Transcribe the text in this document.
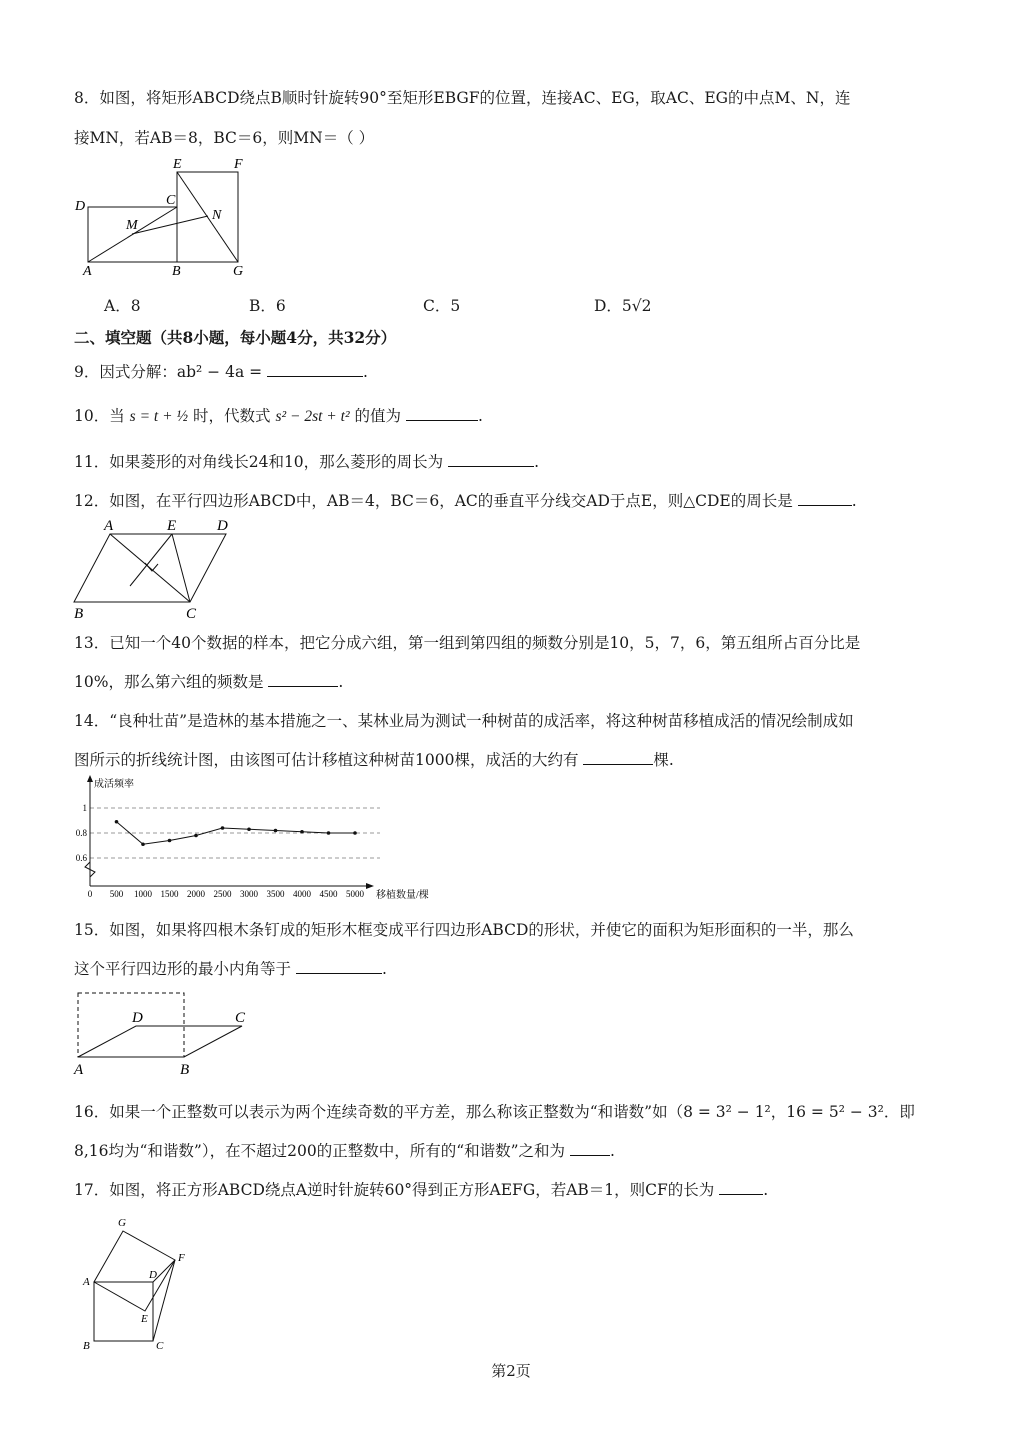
8．如图，将矩形ABCD绕点B顺时针旋转90°至矩形EBGF的位置，连接AC、EG，取AC、EG的中点M、N，连
接MN，若AB＝8，BC＝6，则MN＝（ ）
D
E	F
C
M
N
A	B	G
A．8	B．6	C．5	D．5√2
二、填空题（共8小题，每小题4分，共32分）
9．因式分解：ab² − 4a =	.
10．当 s = t + ½ 时，代数式 s² − 2st + t² 的值为	.
11．如果菱形的对角线长24和10，那么菱形的周长为	.
12．如图，在平行四边形ABCD中，AB＝4，BC＝6，AC的垂直平分线交AD于点E，则△CDE的周长是	.
A	E	D
B	C
13．已知一个40个数据的样本，把它分成六组，第一组到第四组的频数分别是10，5，7，6，第五组所占百分比是
10%，那么第六组的频数是	.
14．“良种壮苗”是造林的基本措施之一、某林业局为测试一种树苗的成活率，将这种树苗移植成活的情况绘制成如
图所示的折线统计图，由该图可估计移植这种树苗1000棵，成活的大约有	棵.
成活频率
移植数量/棵
1
0.8
0.6
0 500 1000 1500 2000 2500 3000 3500 4000 4500 5000
15．如图，如果将四根木条钉成的矩形木框变成平行四边形ABCD的形状，并使它的面积为矩形面积的一半，那么
这个平行四边形的最小内角等于	.
D	C
A	B
16．如果一个正整数可以表示为两个连续奇数的平方差，那么称该正整数为“和谐数”如（8 = 3² − 1²，16 = 5² − 3²．即
8,16均为“和谐数”），在不超过200的正整数中，所有的“和谐数”之和为	.
17．如图，将正方形ABCD绕点A逆时针旋转60°得到正方形AEFG，若AB＝1，则CF的长为	.
G
F
A
D
E
B	C
第2页
